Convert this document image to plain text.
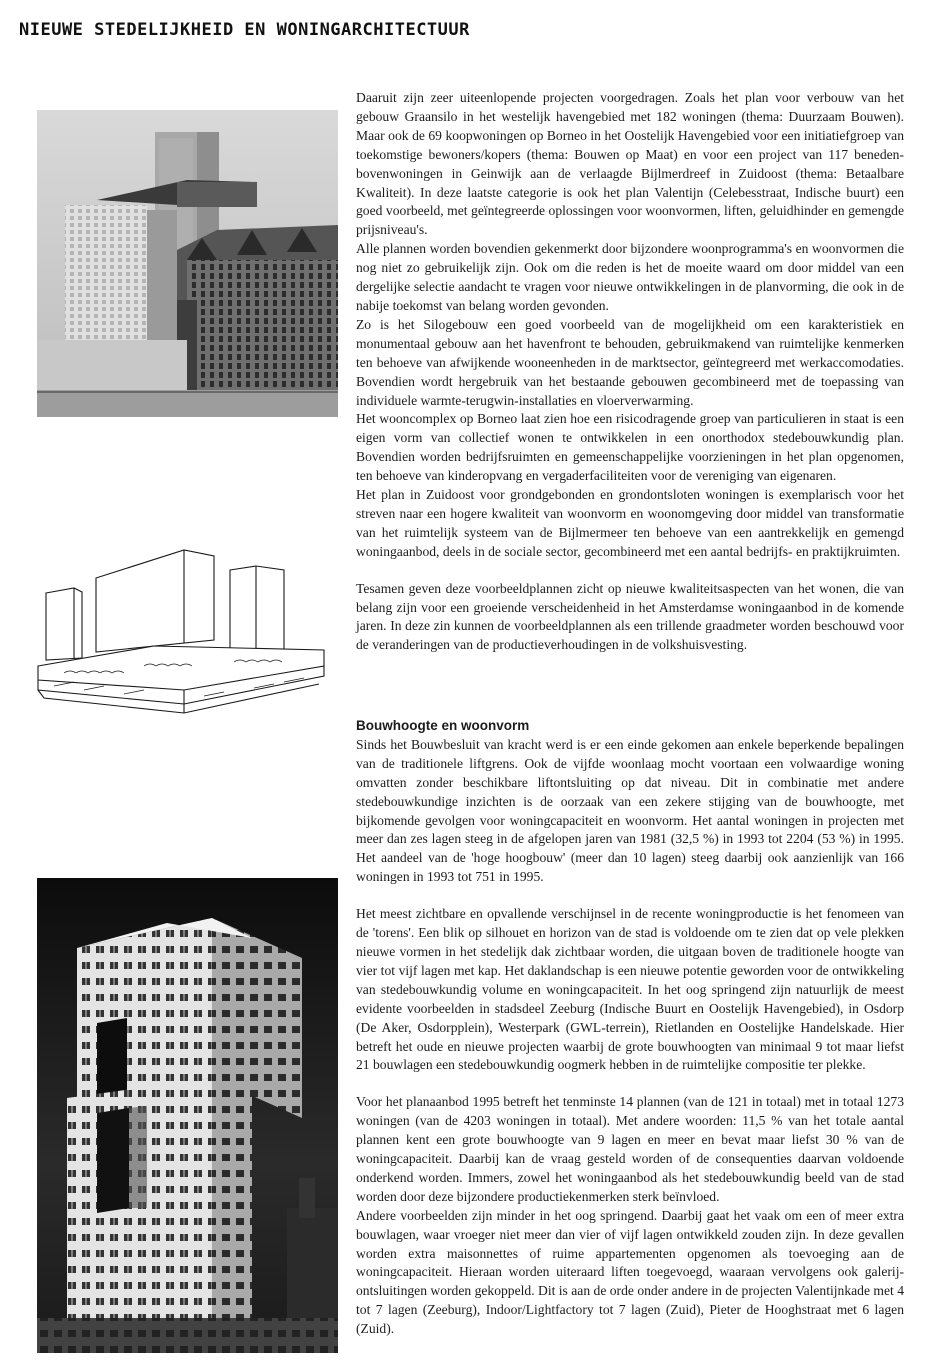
NIEUWE STEDELIJKHEID EN WONINGARCHITECTUUR

Daaruit zijn zeer uiteenlopende projecten voorgedragen. Zoals het plan voor verbouw van het gebouw Graansilo in het westelijk havengebied met 182 woningen (thema: Duurzaam Bouwen). Maar ook de 69 koopwoningen op Borneo in het Oostelijk Havengebied voor een initiatiefgroep van toekomstige bewoners/kopers (thema: Bouwen op Maat) en voor een project van 117 beneden-bovenwoningen in Geinwijk aan de verlaagde Bijlmerdreef in Zuidoost (thema: Betaalbare Kwaliteit). In deze laatste categorie is ook het plan Valentijn (Celebesstraat, Indische buurt) een goed voorbeeld, met geïntegreerde oplossingen voor woonvormen, liften, geluidhinder en gemengde prijsniveau's.

Alle plannen worden bovendien gekenmerkt door bijzondere woonprogramma's en woonvormen die nog niet zo gebruikelijk zijn. Ook om die reden is het de moeite waard om door middel van een dergelijke selectie aandacht te vragen voor nieuwe ontwikkelingen in de planvorming, die ook in de nabije toekomst van belang worden gevonden.

Zo is het Silogebouw een goed voorbeeld van de mogelijkheid om een karakteristiek en monumentaal gebouw aan het havenfront te behouden, gebruikmakend van ruimtelijke kenmerken ten behoeve van afwijkende wooneenheden in de marktsector, geïntegreerd met werkaccomodaties. Bovendien wordt hergebruik van het bestaande gebouwen gecombineerd met de toepassing van individuele warmte-terugwin-installaties en vloerverwarming.

Het wooncomplex op Borneo laat zien hoe een risicodragende groep van particulieren in staat is een eigen vorm van collectief wonen te ontwikkelen in een onorthodox stedebouwkundig plan. Bovendien worden bedrijfsruimten en gemeenschappelijke voorzieningen in het plan opgenomen, ten behoeve van kinderopvang en vergaderfaciliteiten voor de vereniging van eigenaren.

Het plan in Zuidoost voor grondgebonden en grondontsloten woningen is exemplarisch voor het streven naar een hogere kwaliteit van woonvorm en woonomgeving door middel van transformatie van het ruimtelijk systeem van de Bijlmermeer ten behoeve van een aantrekkelijk en gemengd woningaanbod, deels in de sociale sector, gecombineerd met een aantal bedrijfs- en praktijkruimten.

Tesamen geven deze voorbeeldplannen zicht op nieuwe kwaliteitsaspecten van het wonen, die van belang zijn voor een groeiende verscheidenheid in het Amsterdamse woningaanbod in de komende jaren. In deze zin kunnen de voorbeeldplannen als een trillende graadmeter worden beschouwd voor de veranderingen van de productieverhoudingen in de volkshuisvesting.

Bouwhoogte en woonvorm

Sinds het Bouwbesluit van kracht werd is er een einde gekomen aan enkele beperkende bepalingen van de traditionele liftgrens. Ook de vijfde woonlaag mocht voortaan een volwaardige woning omvatten zonder beschikbare liftontsluiting op dat niveau. Dit in combinatie met andere stedebouwkundige inzichten is de oorzaak van een zekere stijging van de bouwhoogte, met bijkomende gevolgen voor woningcapaciteit en woonvorm. Het aantal woningen in projecten met meer dan zes lagen steeg in de afgelopen jaren van 1981 (32,5 %) in 1993 tot 2204 (53 %) in 1995. Het aandeel van de 'hoge hoogbouw' (meer dan 10 lagen) steeg daarbij ook aanzienlijk van 166 woningen in 1993 tot 751 in 1995.

Het meest zichtbare en opvallende verschijnsel in de recente woningproductie is het fenomeen van de 'torens'. Een blik op silhouet en horizon van de stad is voldoende om te zien dat op vele plekken nieuwe vormen in het stedelijk dak zichtbaar worden, die uitgaan boven de traditionele hoogte van vier tot vijf lagen met kap. Het daklandschap is een nieuwe potentie geworden voor de ontwikkeling van stedebouwkundig volume en woningcapaciteit. In het oog springend zijn natuurlijk de meest evidente voorbeelden in stadsdeel Zeeburg (Indische Buurt en Oostelijk Havengebied), in Osdorp (De Aker, Osdorpplein), Westerpark (GWL-terrein), Rietlanden en Oostelijke Handelskade. Hier betreft het oude en nieuwe projecten waarbij de grote bouwhoogten van minimaal 9 tot maar liefst 21 bouwlagen een stedebouwkundig oogmerk hebben in de ruimtelijke compositie ter plekke.

Voor het planaanbod 1995 betreft het tenminste 14 plannen (van de 121 in totaal) met in totaal 1273 woningen (van de 4203 woningen in totaal). Met andere woorden: 11,5 % van het totale aantal plannen kent een grote bouwhoogte van 9 lagen en meer en bevat maar liefst 30 % van de woningcapaciteit. Daarbij kan de vraag gesteld worden of de consequenties daarvan voldoende onderkend worden. Immers, zowel het woningaanbod als het stedebouwkundig beeld van de stad worden door deze bijzondere productiekenmerken sterk beïnvloed.

Andere voorbeelden zijn minder in het oog springend. Daarbij gaat het vaak om een of meer extra bouwlagen, waar vroeger niet meer dan vier of vijf lagen ontwikkeld zouden zijn. In deze gevallen worden extra maisonnettes of ruime appartementen opgenomen als toevoeging aan de woningcapaciteit. Hieraan worden uiteraard liften toegevoegd, waaraan vervolgens ook galerij-ontsluitingen worden gekoppeld. Dit is aan de orde onder andere in de projecten Valentijnkade met 4 tot 7 lagen (Zeeburg), Indoor/Lightfactory tot 7 lagen (Zuid), Pieter de Hooghstraat met 6 lagen (Zuid).
